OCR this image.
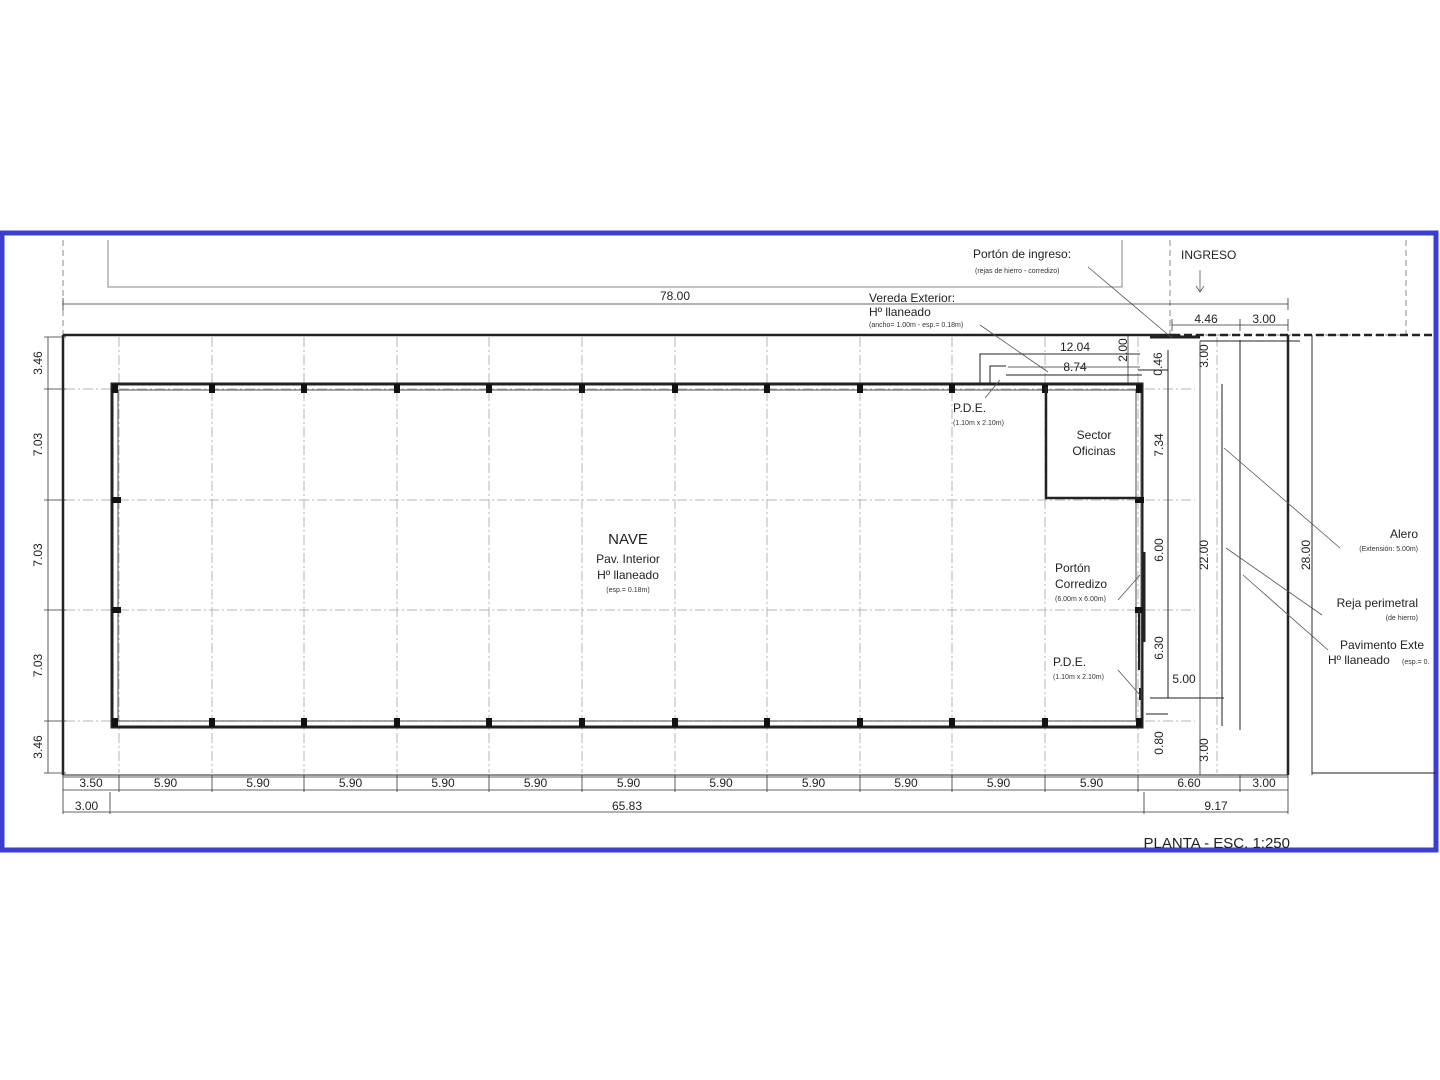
78.00
4.46	3.00
12.04
8.74
2.00
0.46
3.46
7.03
7.03
7.03
3.46
7.34
6.00
6.30
0.80
3.00
22.00
3.00
28.00
5.00
3.50	5.90	5.90	5.90	5.90	5.90	5.90	5.90	5.90	5.90	5.90	5.90	6.60	3.00
3.00	65.83	9.17
NAVE
Pav. Interior
Hº llaneado
(esp.= 0.18m)
Sector
Oficinas
Portón de ingreso:
(rejas de hierro - corredizo)
INGRESO
Vereda Exterior:
Hº llaneado
(ancho= 1.00m - esp.= 0.18m)
P.D.E.
(1.10m x 2.10m)
Portón
Corredizo
(6.00m x 6.00m)
P.D.E.
(1.10m x 2.10m)
Alero
(Extensión: 5.00m)
Reja perimetral
(de hierro)
Pavimento Exte
Hº llaneado (esp.= 0.
PLANTA - ESC. 1:250
